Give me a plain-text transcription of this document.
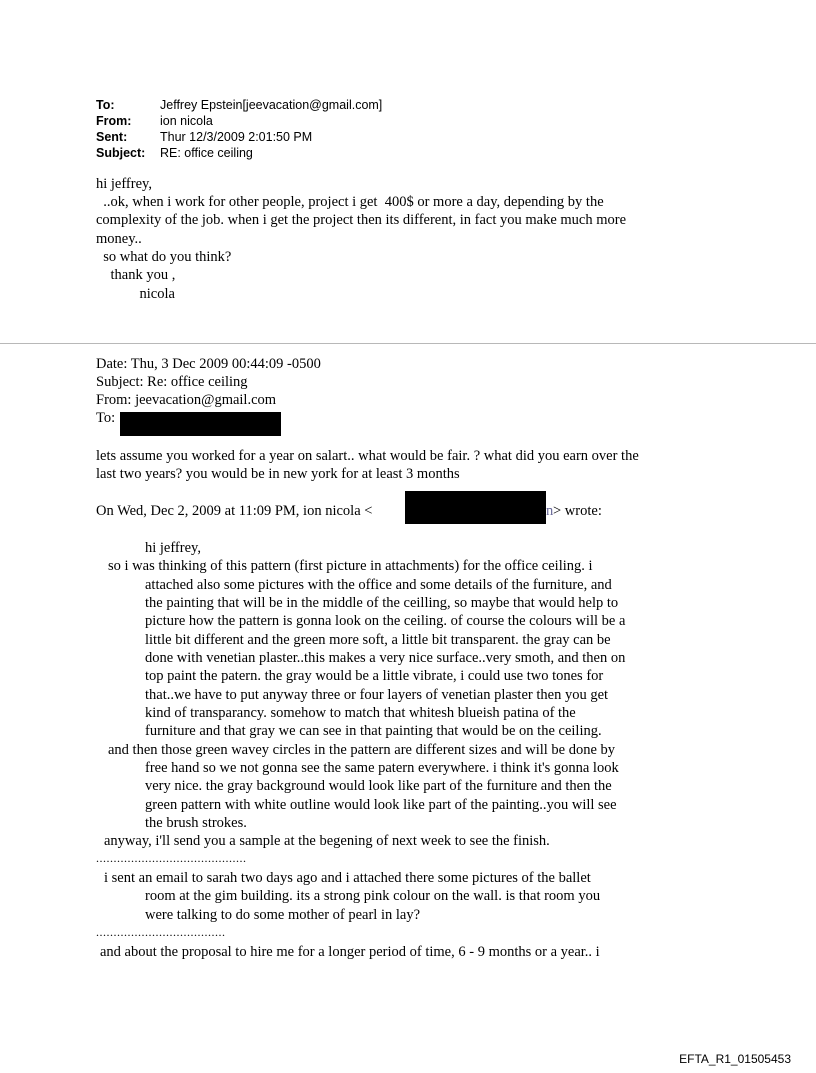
To:	Jeffrey Epstein[jeevacation@gmail.com]
From:	ion nicola
Sent:	Thur 12/3/2009 2:01:50 PM
Subject:	RE: office ceiling
hi jeffrey,
..ok, when i work for other people, project i get  400$ or more a day, depending by the
complexity of the job. when i get the project then its different, in fact you make much more
money..
so what do you think?
thank you ,
nicola
Date: Thu, 3 Dec 2009 00:44:09 -0500
Subject: Re: office ceiling
From: jeevacation@gmail.com
To:
lets assume you worked for a year on salart.. what would be fair. ? what did you earn over the
last two years? you would be in new york for at least 3 months
On Wed, Dec 2, 2009 at 11:09 PM, ion nicola <	n > wrote:
hi jeffrey,
so i was thinking of this pattern (first picture in attachments) for the office ceiling. i
attached also some pictures with the office and some details of the furniture, and
the painting that will be in the middle of the ceilling, so maybe that would help to
picture how the pattern is gonna look on the ceiling. of course the colours will be a
little bit different and the green more soft, a little bit transparent. the gray can be
done with venetian plaster..this makes a very nice surface..very smoth, and then on
top paint the patern. the gray would be a little vibrate, i could use two tones for
that..we have to put anyway three or four layers of venetian plaster then you get
kind of transparancy. somehow to match that whitesh blueish patina of the
furniture and that gray we can see in that painting that would be on the ceiling.
and then those green wavey circles in the pattern are different sizes and will be done by
free hand so we not gonna see the same patern everywhere. i think it's gonna look
very nice. the gray background would look like part of the furniture and then the
green pattern with white outline would look like part of the painting..you will see
the brush strokes.
anyway, i'll send you a sample at the begening of next week to see the finish.
...........................................
i sent an email to sarah two days ago and i attached there some pictures of the ballet
room at the gim building. its a strong pink colour on the wall. is that room you
were talking to do some mother of pearl in lay?
.....................................
and about the proposal to hire me for a longer period of time, 6 - 9 months or a year.. i
EFTA_R1_01505453
